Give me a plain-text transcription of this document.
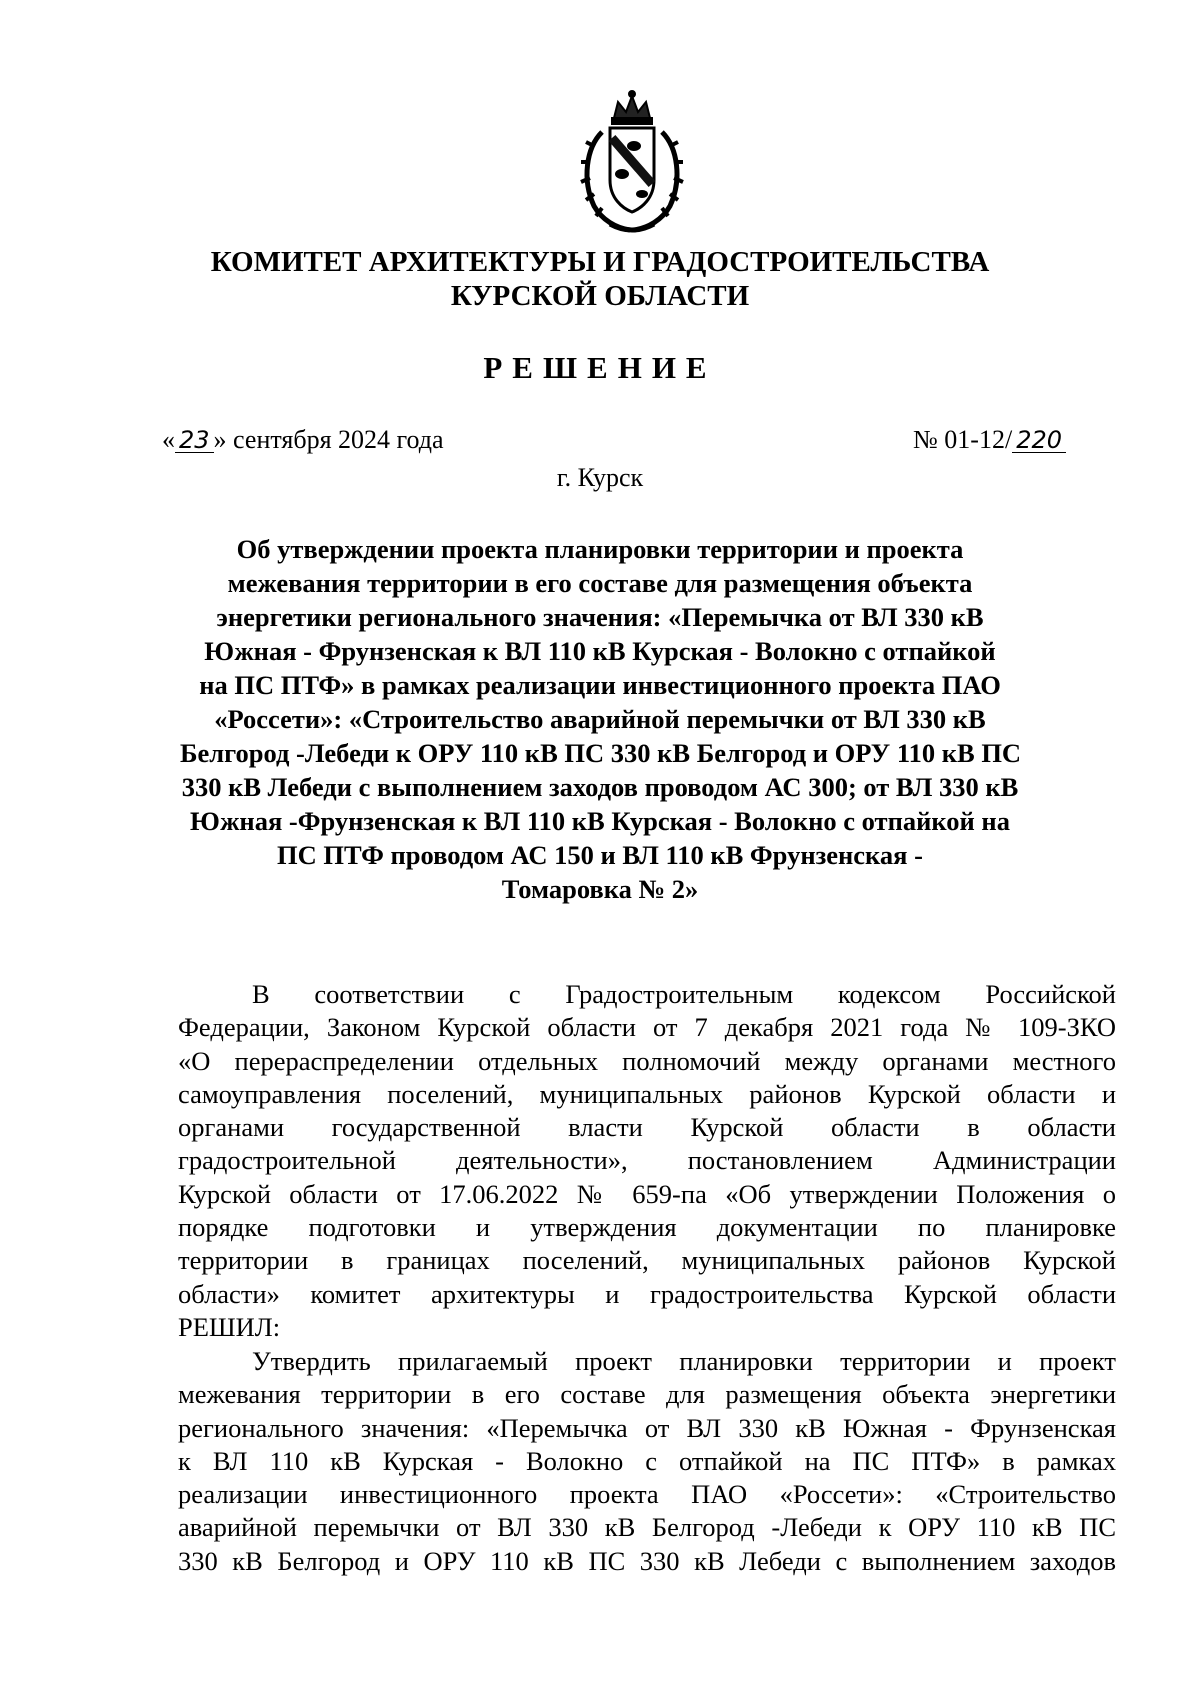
КОМИТЕТ АРХИТЕКТУРЫ И ГРАДОСТРОИТЕЛЬСТВА
КУРСКОЙ ОБЛАСТИ
РЕШЕНИЕ
« 23 » сентября 2024 года	№ 01-12/ 220
г. Курск
Об утверждении проекта планировки территории и проекта
межевания территории в его составе для размещения объекта
энергетики регионального значения: «Перемычка от ВЛ 330 кВ
Южная - Фрунзенская к ВЛ 110 кВ Курская - Волокно с отпайкой
на ПС ПТФ» в рамках реализации инвестиционного проекта ПАО
«Россети»: «Строительство аварийной перемычки от ВЛ 330 кВ
Белгород -Лебеди к ОРУ 110 кВ ПС 330 кВ Белгород и ОРУ 110 кВ ПС
330 кВ Лебеди с выполнением заходов проводом АС 300; от ВЛ 330 кВ
Южная -Фрунзенская к ВЛ 110 кВ Курская - Волокно с отпайкой на
ПС ПТФ проводом АС 150 и ВЛ 110 кВ Фрунзенская -
Томаровка № 2»
В соответствии с Градостроительным кодексом Российской
Федерации, Законом Курской области от 7 декабря 2021 года № 109-ЗКО
«О перераспределении отдельных полномочий между органами местного
самоуправления поселений, муниципальных районов Курской области и
органами государственной власти Курской области в области
градостроительной деятельности», постановлением Администрации
Курской области от 17.06.2022 № 659-па «Об утверждении Положения о
порядке подготовки и утверждения документации по планировке
территории в границах поселений, муниципальных районов Курской
области» комитет архитектуры и градостроительства Курской области
РЕШИЛ:
Утвердить прилагаемый проект планировки территории и проект
межевания территории в его составе для размещения объекта энергетики
регионального значения: «Перемычка от ВЛ 330 кВ Южная - Фрунзенская
к ВЛ 110 кВ Курская - Волокно с отпайкой на ПС ПТФ» в рамках
реализации инвестиционного проекта ПАО «Россети»: «Строительство
аварийной перемычки от ВЛ 330 кВ Белгород -Лебеди к ОРУ 110 кВ ПС
330 кВ Белгород и ОРУ 110 кВ ПС 330 кВ Лебеди с выполнением заходов
